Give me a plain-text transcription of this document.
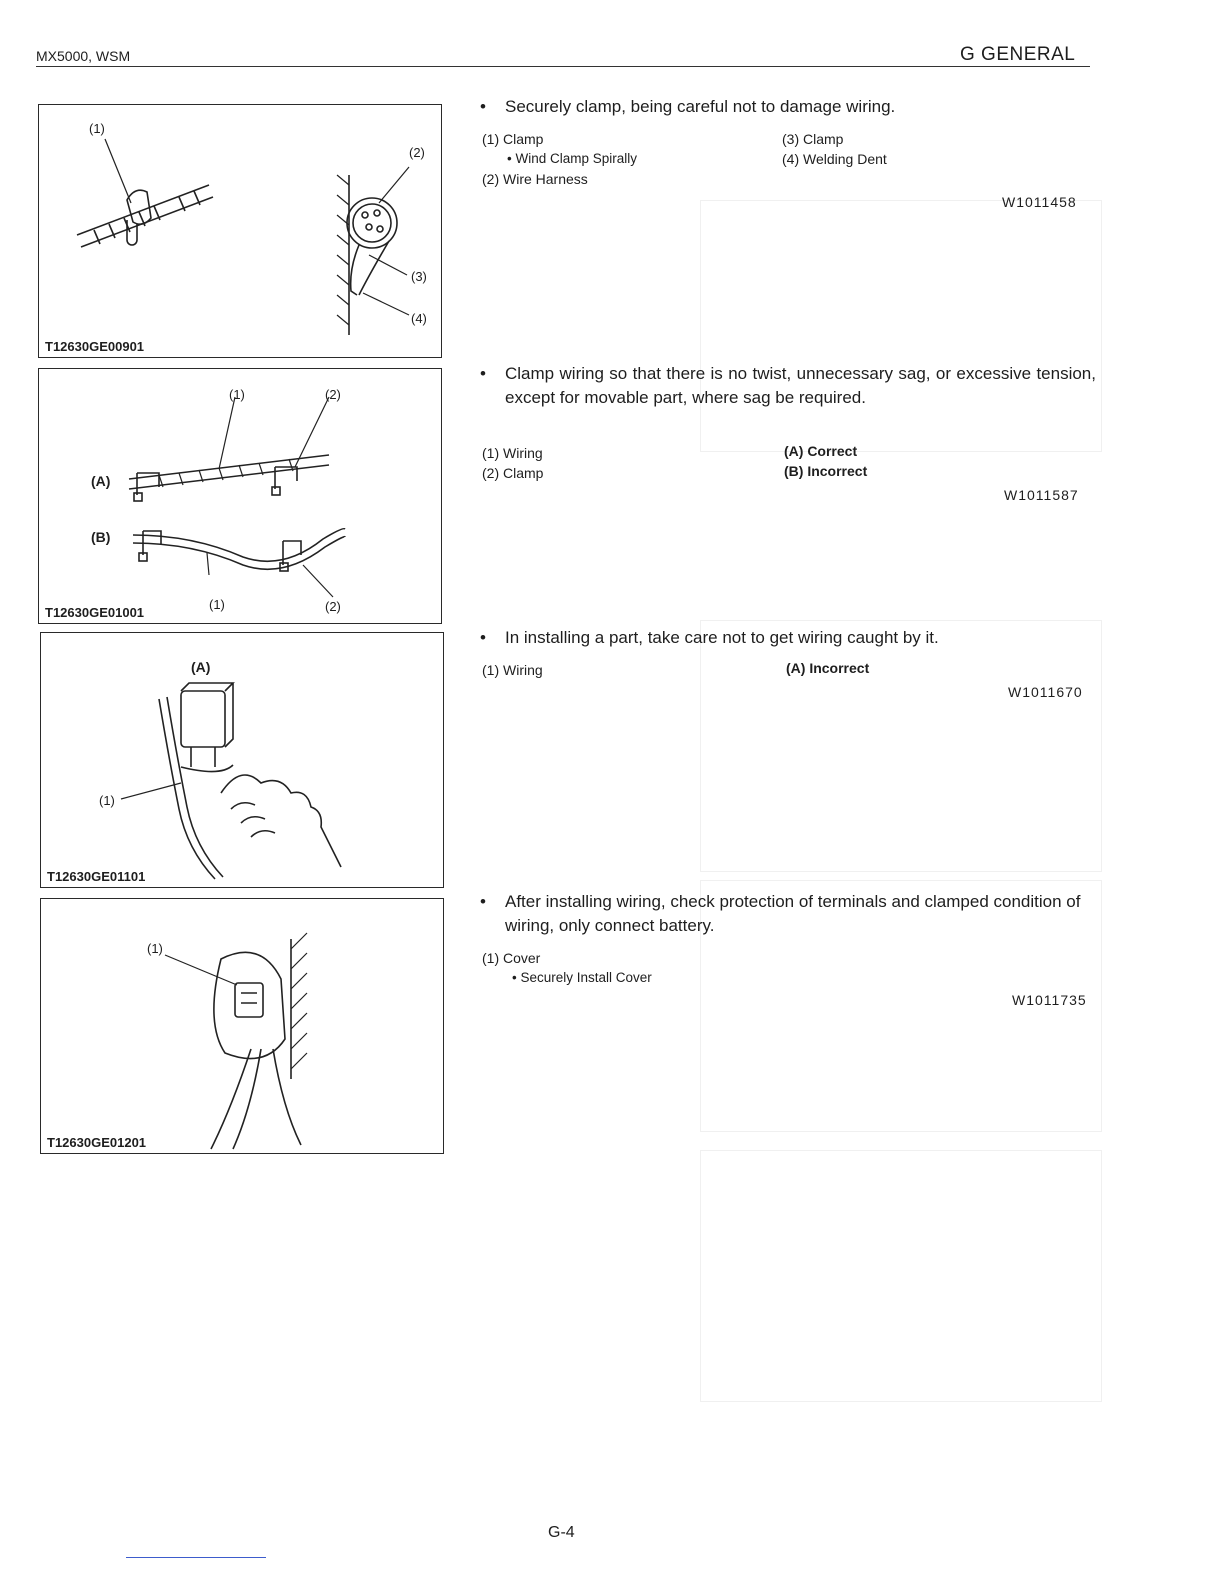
MX5000, WSM	G GENERAL
(1)
(2)
(3)
(4)
T12630GE00901
(1)	(2)
(A)
(B)
(1)	(2)
T12630GE01001
(A)
(1)
T12630GE01101
(1)
T12630GE01201
• Securely clamp, being careful not to damage wiring.
(1) Clamp
• Wind Clamp Spirally
(2) Wire Harness
(3) Clamp
(4) Welding Dent
W1011458
• Clamp wiring so that there is no twist, unnecessary sag, or excessive tension, except for movable part, where sag be required.
(1) Wiring
(2) Clamp
(A) Correct
(B) Incorrect
W1011587
• In installing a part, take care not to get wiring caught by it.
(1) Wiring	(A) Incorrect
W1011670
• After installing wiring, check protection of terminals and clamped condition of wiring, only connect battery.
(1) Cover
• Securely Install Cover
W1011735
G-4
